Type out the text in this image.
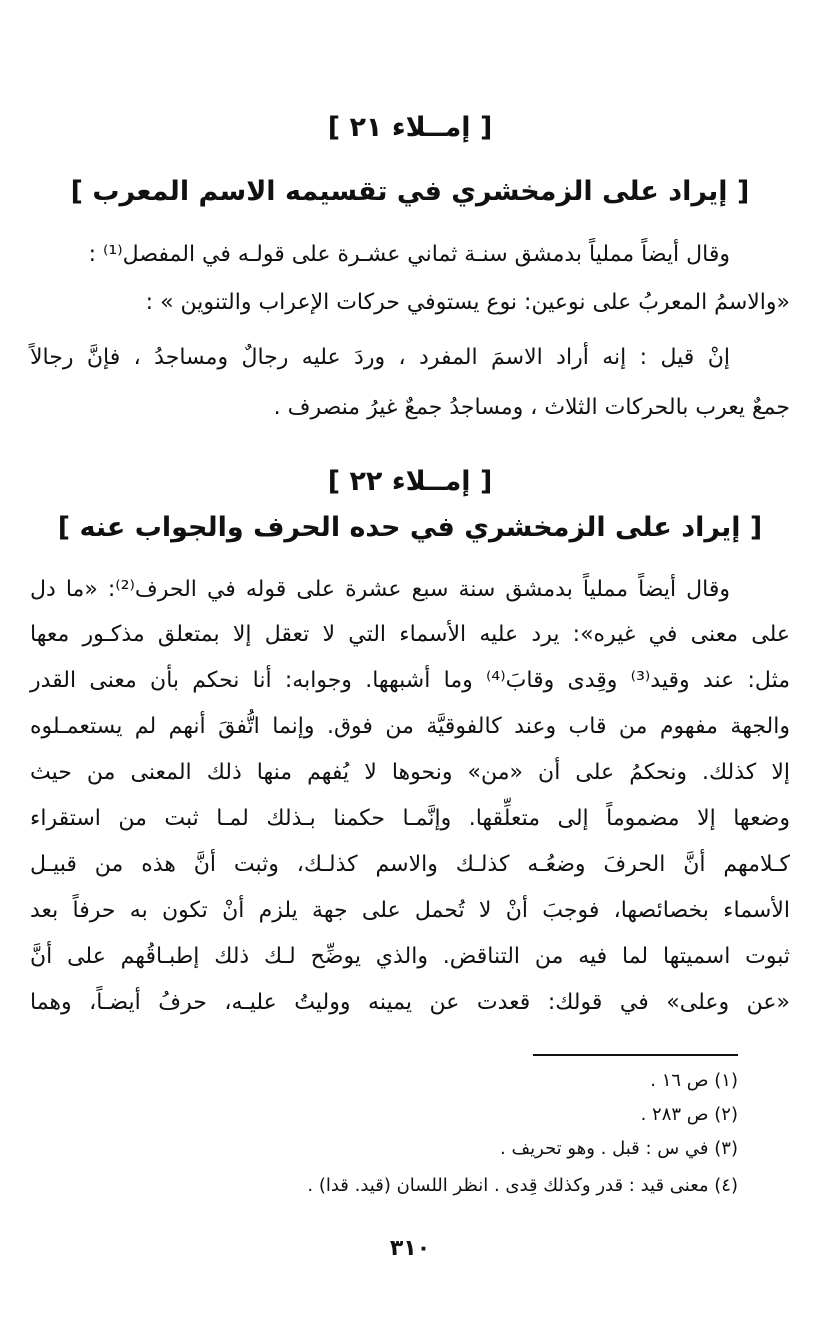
[ إمــلاء ٢١ ]
[ إيراد على الزمخشري في تقسيمه الاسم المعرب ]
وقال أيضاً مملياً بدمشق سنـة ثماني عشـرة على قولـه في المفصل⁽¹⁾ :
«والاسمُ المعربُ على نوعين: نوع يستوفي حركات الإعراب والتنوين » :
إنْ قيل : إنه أراد الاسمَ المفرد ، وردَ عليه رجالٌ ومساجدُ ، فإنَّ رجالاً
جمعٌ يعرب بالحركات الثلاث ، ومساجدُ جمعٌ غيرُ منصرف .
[ إمــلاء ٢٢ ]
[ إيراد على الزمخشري في حده الحرف والجواب عنه ]
وقال أيضاً مملياً بدمشق سنة سبع عشرة على قوله في الحرف⁽²⁾: «ما دل
على معنى في غيره»: يرد عليه الأسماء التي لا تعقل إلا بمتعلق مذكـور معها
مثل: عند وقيد⁽³⁾ وقِدى وقابَ⁽⁴⁾ وما أشبهها. وجوابه: أنا نحكم بأن معنى القدر
والجهة مفهوم من قاب وعند كالفوقيَّة من فوق. وإنما اتُّفقَ أنهم لم يستعمـلوه
إلا كذلك. ونحكمُ على أن «من» ونحوها لا يُفهم منها ذلك المعنى من حيث
وضعها إلا مضموماً إلى متعلِّقها. وإنَّمـا حكمنا بـذلك لمـا ثبت من استقراء
كـلامهم أنَّ الحرفَ وضعُـه كذلـك والاسم كذلـك، وثبت أنَّ هذه من قبيـل
الأسماء بخصائصها، فوجبَ أنْ لا تُحمل على جهة يلزم أنْ تكون به حرفاً بعد
ثبوت اسميتها لما فيه من التناقض. والذي يوضِّح لـك ذلك إطبـاقُهم على أنَّ
«عن وعلى» في قولك: قعدت عن يمينه ووليتُ عليـه، حرفُ أيضـاً، وهما
(١) ص ١٦ .
(٢) ص ٢٨٣ .
(٣) في س : قبل . وهو تحريف .
(٤) معنى قيد : قدر وكذلك قِدى . انظر اللسان (قيد. قدا) .
٣١٠
